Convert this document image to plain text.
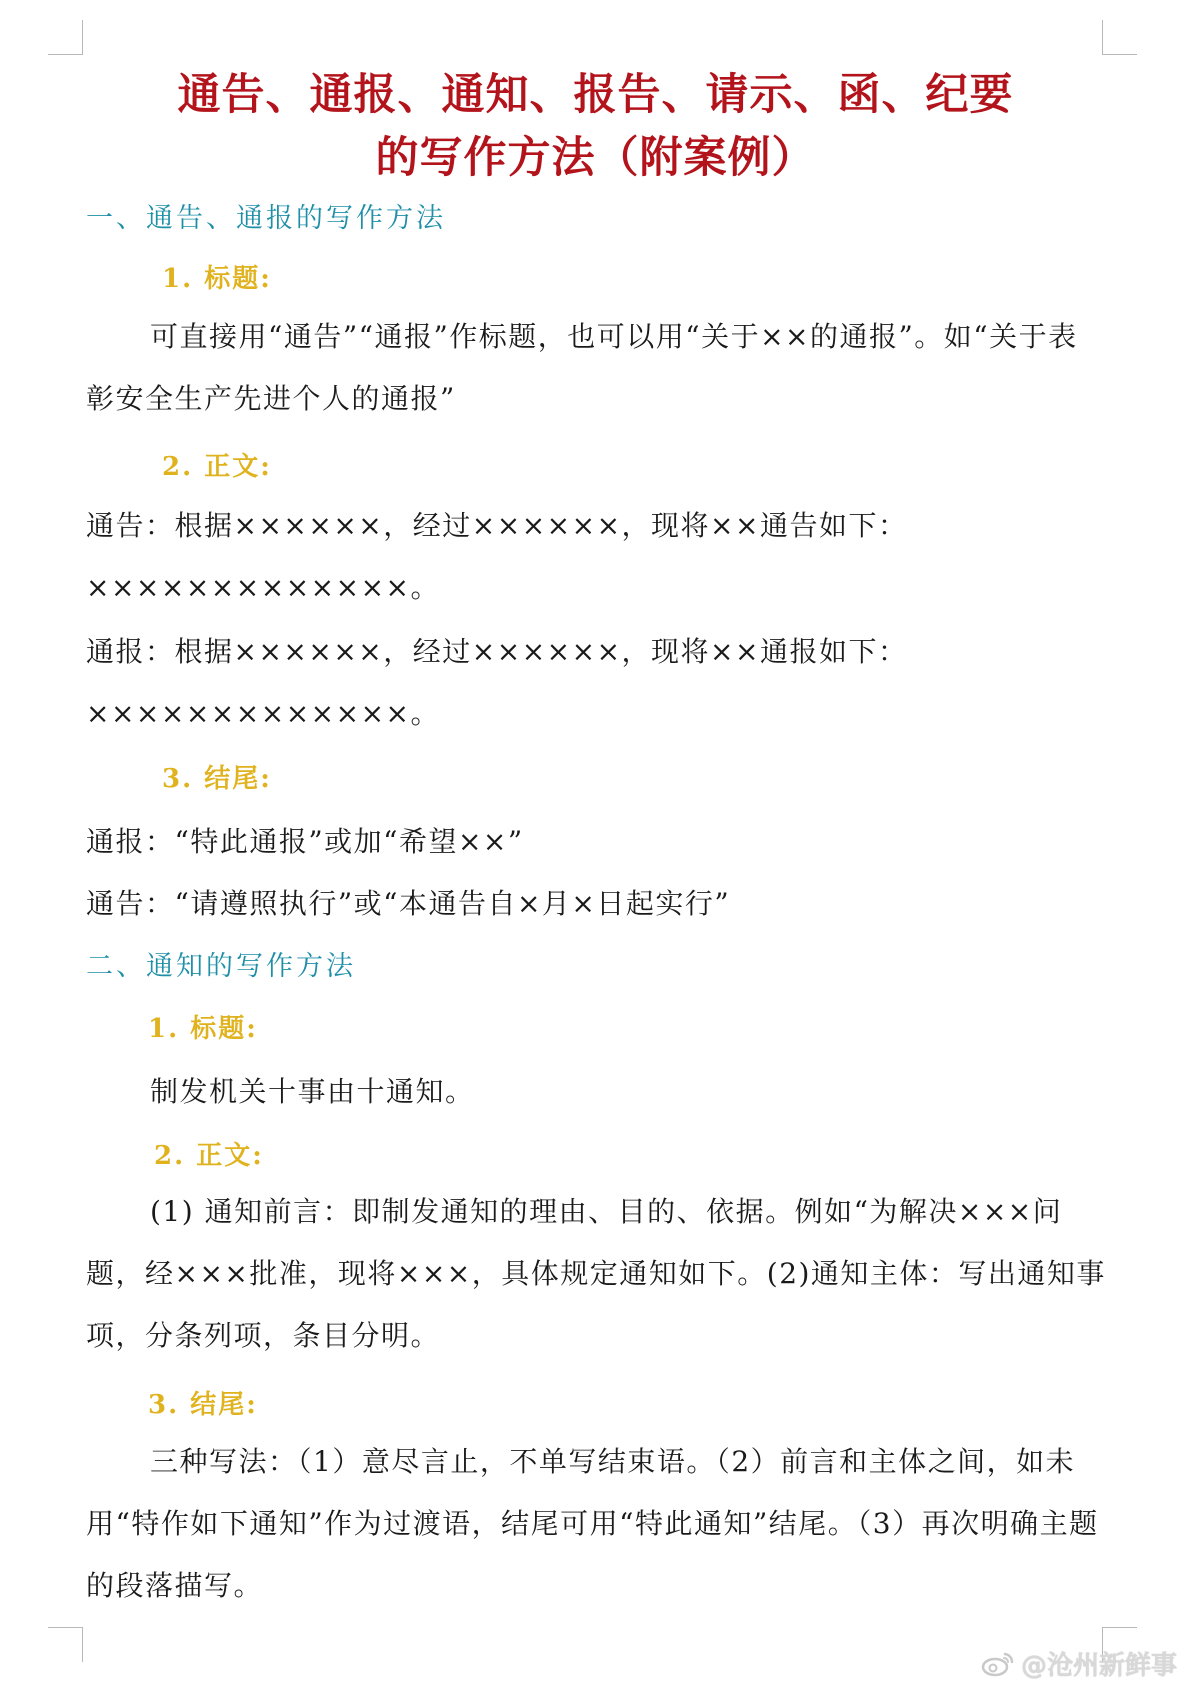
通告、通报、通知、报告、请示、函、纪要
的写作方法（附案例）
一、通告、通报的写作方法
1. 标题:
可直接用“通告”“通报”作标题，也可以用“关于××的通报”。如“关于表彰安全生产先进个人的通报”
2. 正文:
通告：根据××××××，经过××××××，现将××通告如下：×××××××××××××。
通报：根据××××××，经过××××××，现将××通报如下：×××××××××××××。
3. 结尾:
通报：“特此通报”或加“希望××”
通告：“请遵照执行”或“本通告自×月×日起实行”
二、通知的写作方法
1. 标题:
制发机关十事由十通知。
2. 正文:
(1) 通知前言：即制发通知的理由、目的、依据。例如“为解决×××问题，经×××批准，现将×××，具体规定通知如下。(2)通知主体：写出通知事项，分条列项，条目分明。
3. 结尾:
三种写法：（1）意尽言止，不单写结束语。（2）前言和主体之间，如未用“特作如下通知”作为过渡语，结尾可用“特此通知”结尾。（3）再次明确主题的段落描写。
@沧州新鲜事
